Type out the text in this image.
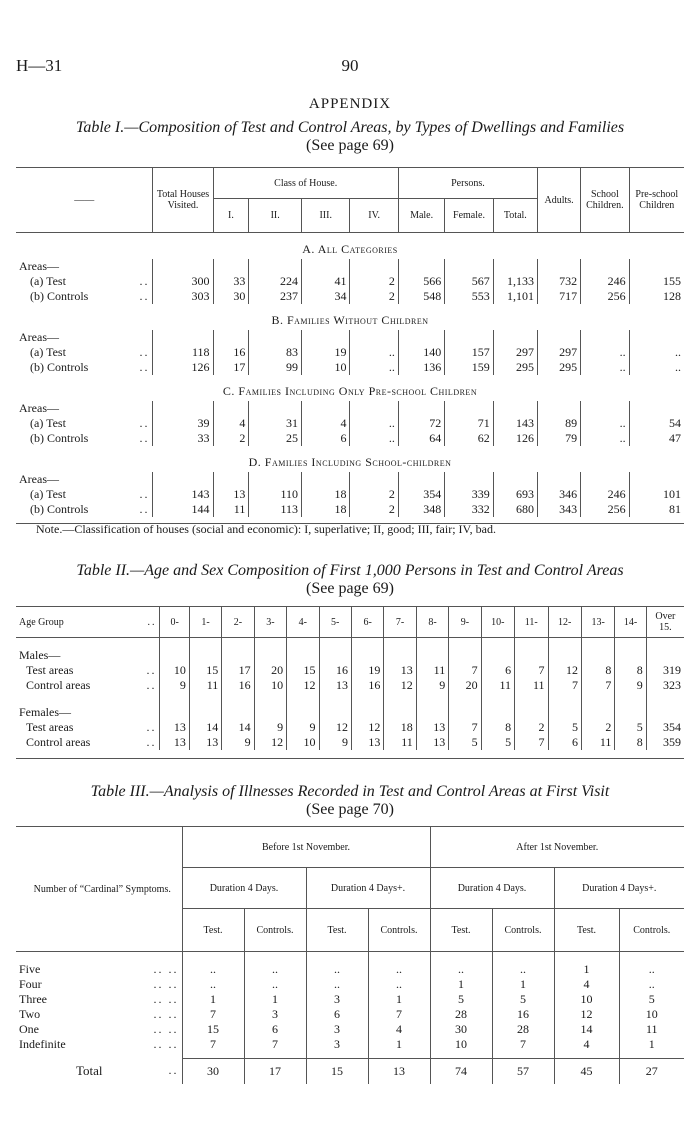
H—31	90
APPENDIX
Table I.—Composition of Test and Control Areas, by Types of Dwellings and Families
(See page 69)
——	Total Houses Visited.	Class of House.				Persons.			Adults.	School Children.	Pre-school Children
		I.	II.	III.	IV.	Male.	Female.	Total.			
A. All Categories											
Areas—											
(a) Test ..	300	33	224	41	2	566	567	1,133	732	246	155
(b) Controls ..	303	30	237	34	2	548	553	1,101	717	256	128
B. Families Without Children											
Areas—											
(a) Test ..	118	16	83	19	..	140	157	297	297	..	..
(b) Controls ..	126	17	99	10	..	136	159	295	295	..	..
C. Families Including Only Pre-school Children											
Areas—											
(a) Test ..	39	4	31	4	..	72	71	143	89	..	54
(b) Controls ..	33	2	25	6	..	64	62	126	79	..	47
D. Families Including School-children											
Areas—											
(a) Test ..	143	13	110	18	2	354	339	693	346	246	101
(b) Controls ..	144	11	113	18	2	348	332	680	343	256	81

Note.—Classification of houses (social and economic): I, superlative; II, good; III, fair; IV, bad.
Table II.—Age and Sex Composition of First 1,000 Persons in Test and Control Areas
(See page 69)
Age Group ..	0-	1-	2-	3-	4-	5-	6-	7-	8-	9-	10-	11-	12-	13-	14-	Over 15.
Males—																
Test areas ..	10	15	17	20	15	16	19	13	11	7	6	7	12	8	8	319
Control areas ..	9	11	16	10	12	13	16	12	9	20	11	11	7	7	9	323
Females—																
Test areas ..	13	14	14	9	9	12	12	18	13	7	8	2	5	2	5	354
Control areas ..	13	13	9	12	10	9	13	11	13	5	5	7	6	11	8	359

Table III.—Analysis of Illnesses Recorded in Test and Control Areas at First Visit
(See page 70)
Number of “Cardinal” Symptoms.	Before 1st November.				After 1st November.			
	Duration 4 Days.		Duration 4 Days+.		Duration 4 Days.		Duration 4 Days+.	
	Test.	Controls.	Test.	Controls.	Test.	Controls.	Test.	Controls.

Five .. ..	..	..	..	..	..	..	1	..
Four .. ..	..	..	..	..	1	1	4	..
Three .. ..	1	1	3	1	5	5	10	5
Two .. ..	7	3	6	7	28	16	12	10
One .. ..	15	6	3	4	30	28	14	11
Indefinite .. ..	7	7	3	1	10	7	4	1

Total ..	30	17	15	13	74	57	45	27
